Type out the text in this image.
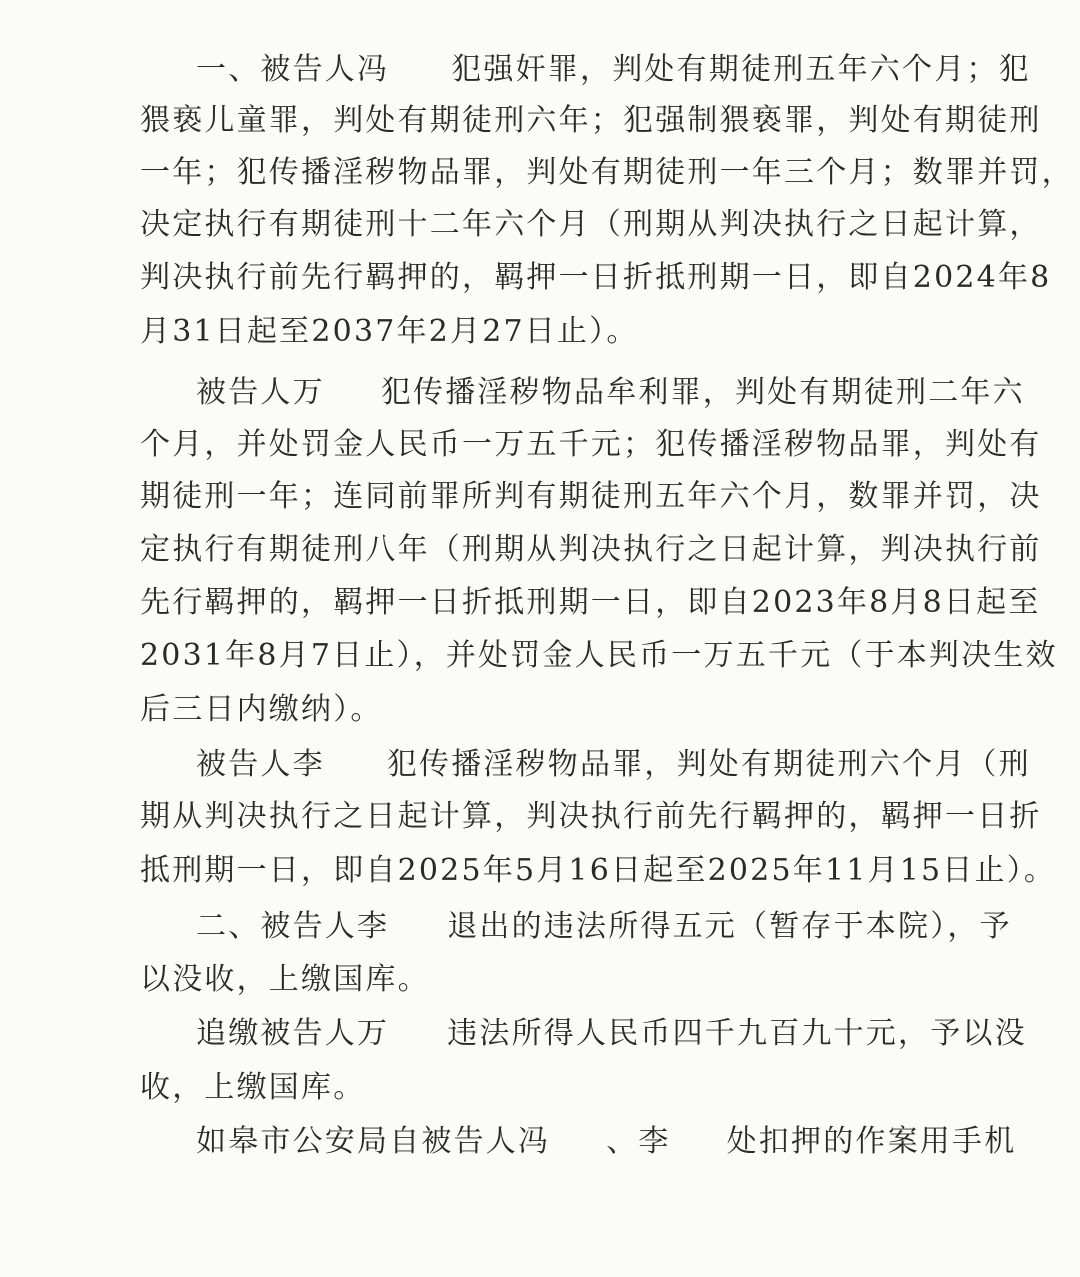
一、被告人冯 犯强奸罪，判处有期徒刑五年六个月；犯
猥亵儿童罪，判处有期徒刑六年；犯强制猥亵罪，判处有期徒刑
一年；犯传播淫秽物品罪，判处有期徒刑一年三个月；数罪并罚，
决定执行有期徒刑十二年六个月（刑期从判决执行之日起计算，
判决执行前先行羁押的，羁押一日折抵刑期一日，即自2024年8
月31日起至2037年2月27日止）。
被告人万 犯传播淫秽物品牟利罪，判处有期徒刑二年六
个月，并处罚金人民币一万五千元；犯传播淫秽物品罪，判处有
期徒刑一年；连同前罪所判有期徒刑五年六个月，数罪并罚，决
定执行有期徒刑八年（刑期从判决执行之日起计算，判决执行前
先行羁押的，羁押一日折抵刑期一日，即自2023年8月8日起至
2031年8月7日止），并处罚金人民币一万五千元（于本判决生效
后三日内缴纳）。
被告人李 犯传播淫秽物品罪，判处有期徒刑六个月（刑
期从判决执行之日起计算，判决执行前先行羁押的，羁押一日折
抵刑期一日，即自2025年5月16日起至2025年11月15日止）。
二、被告人李 退出的违法所得五元（暂存于本院），予
以没收，上缴国库。
追缴被告人万 违法所得人民币四千九百九十元，予以没
收，上缴国库。
如皋市公安局自被告人冯 、李 处扣押的作案用手机
